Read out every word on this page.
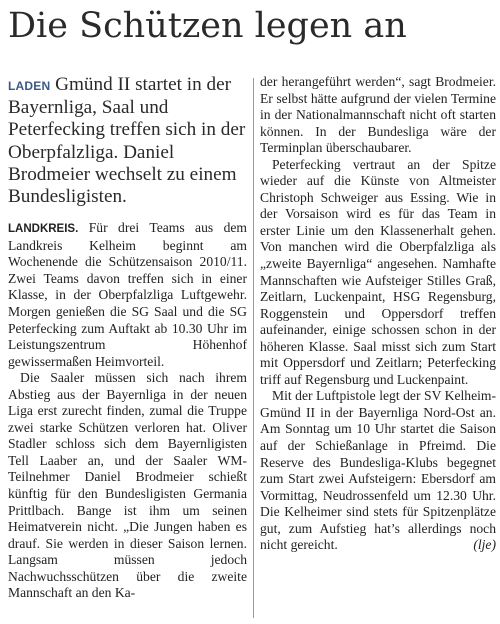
Die Schützen legen an

LADEN Gmünd II startet in der Bayernliga, Saal und Peterfecking treffen sich in der Oberpfalzliga. Daniel Brodmeier wechselt zu einem Bundesligisten.

LANDKREIS. Für drei Teams aus dem Landkreis Kelheim beginnt am Wochenende die Schützensaison 2010/11. Zwei Teams davon treffen sich in einer Klasse, in der Oberpfalzliga Luftgewehr. Morgen genießen die SG Saal und die SG Peterfecking zum Auftakt ab 10.30 Uhr im Leistungszentrum Höhenhof gewissermaßen Heimvorteil.

Die Saaler müssen sich nach ihrem Abstieg aus der Bayernliga in der neuen Liga erst zurecht finden, zumal die Truppe zwei starke Schützen verloren hat. Oliver Stadler schloss sich dem Bayernligisten Tell Laaber an, und der Saaler WM-Teilnehmer Daniel Brodmeier schießt künftig für den Bundesligisten Germania Prittlbach. Bange ist ihm um seinen Heimatverein nicht. „Die Jungen haben es drauf. Sie werden in dieser Saison lernen. Langsam müssen jedoch Nachwuchsschützen über die zweite Mannschaft an den Ka-

der herangeführt werden“, sagt Brodmeier. Er selbst hätte aufgrund der vielen Termine in der Nationalmannschaft nicht oft starten können. In der Bundesliga wäre der Terminplan überschaubarer.

Peterfecking vertraut an der Spitze wieder auf die Künste von Altmeister Christoph Schweiger aus Essing. Wie in der Vorsaison wird es für das Team in erster Linie um den Klassenerhalt gehen. Von manchen wird die Oberpfalzliga als „zweite Bayernliga“ angesehen. Namhafte Mannschaften wie Aufsteiger Stilles Graß, Zeitlarn, Luckenpaint, HSG Regensburg, Roggenstein und Oppersdorf treffen aufeinander, einige schossen schon in der höheren Klasse. Saal misst sich zum Start mit Oppersdorf und Zeitlarn; Peterfecking triff auf Regensburg und Luckenpaint.

Mit der Luftpistole legt der SV Kelheim-Gmünd II in der Bayernliga Nord-Ost an. Am Sonntag um 10 Uhr startet die Saison auf der Schießanlage in Pfreimd. Die Reserve des Bundesliga-Klubs begegnet zum Start zwei Aufsteigern: Ebersdorf am Vormittag, Neudrossenfeld um 12.30 Uhr. Die Kelheimer sind stets für Spitzenplätze gut, zum Aufstieg hat’s allerdings noch nicht gereicht.	(lje)
